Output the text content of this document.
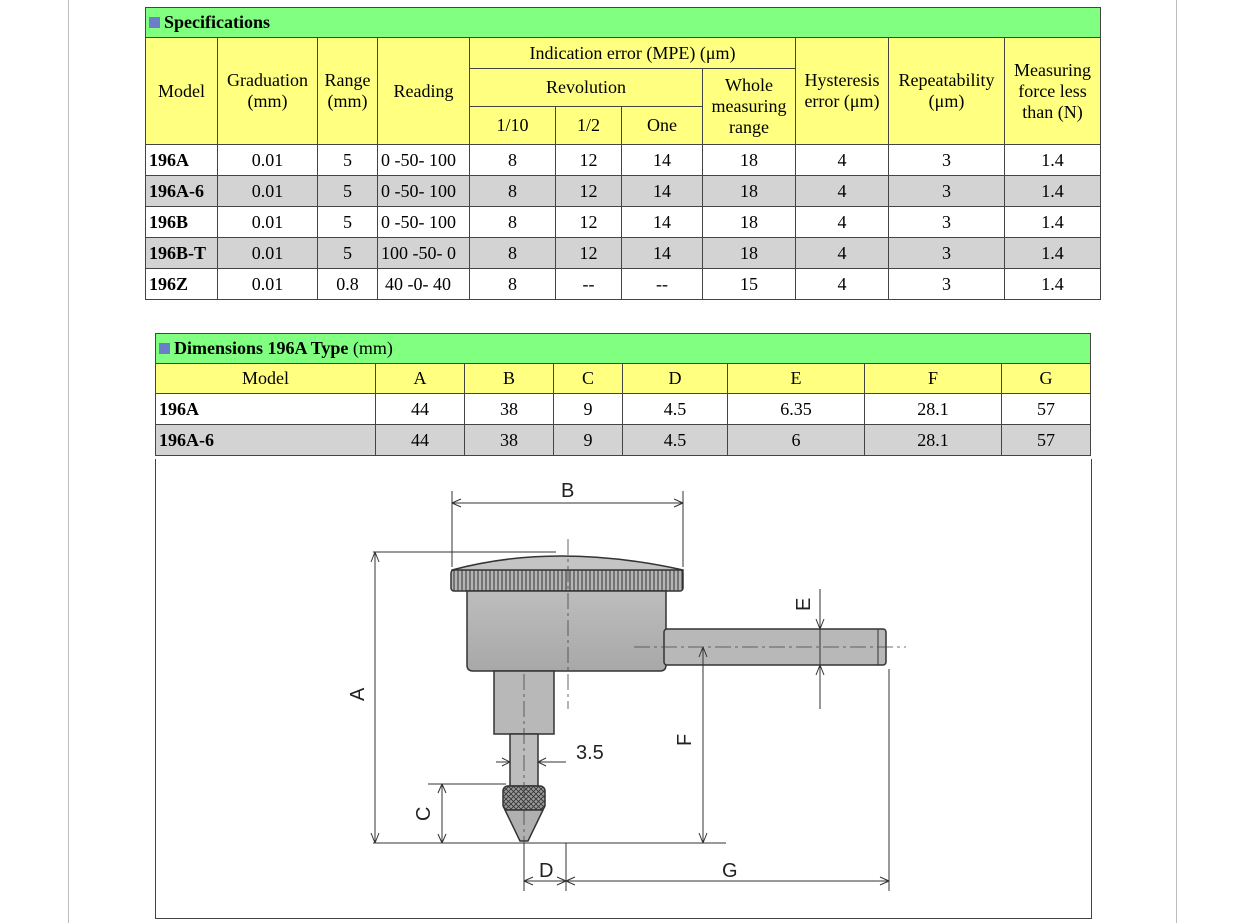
Specifications										
Model	Graduation (mm)	Range (mm)	Reading	Indication error (MPE) (μm)				Hysteresis error (μm)	Repeatability (μm)	Measuring force less than (N)
				Revolution			Whole measuring range			
				1/10	1/2	One				
196A	0.01	5	0 -50- 100	8	12	14	18	4	3	1.4
196A-6	0.01	5	0 -50- 100	8	12	14	18	4	3	1.4
196B	0.01	5	0 -50- 100	8	12	14	18	4	3	1.4
196B-T	0.01	5	100 -50- 0	8	12	14	18	4	3	1.4
196Z	0.01	0.8	40 -0- 40	8	--	--	15	4	3	1.4
Dimensions 196A Type (mm)							
Model	A	B	C	D	E	F	G
196A	44	38	9	4.5	6.35	28.1	57
196A-6	44	38	9	4.5	6	28.1	57
B
A
C
3.5
E
F
D	G
